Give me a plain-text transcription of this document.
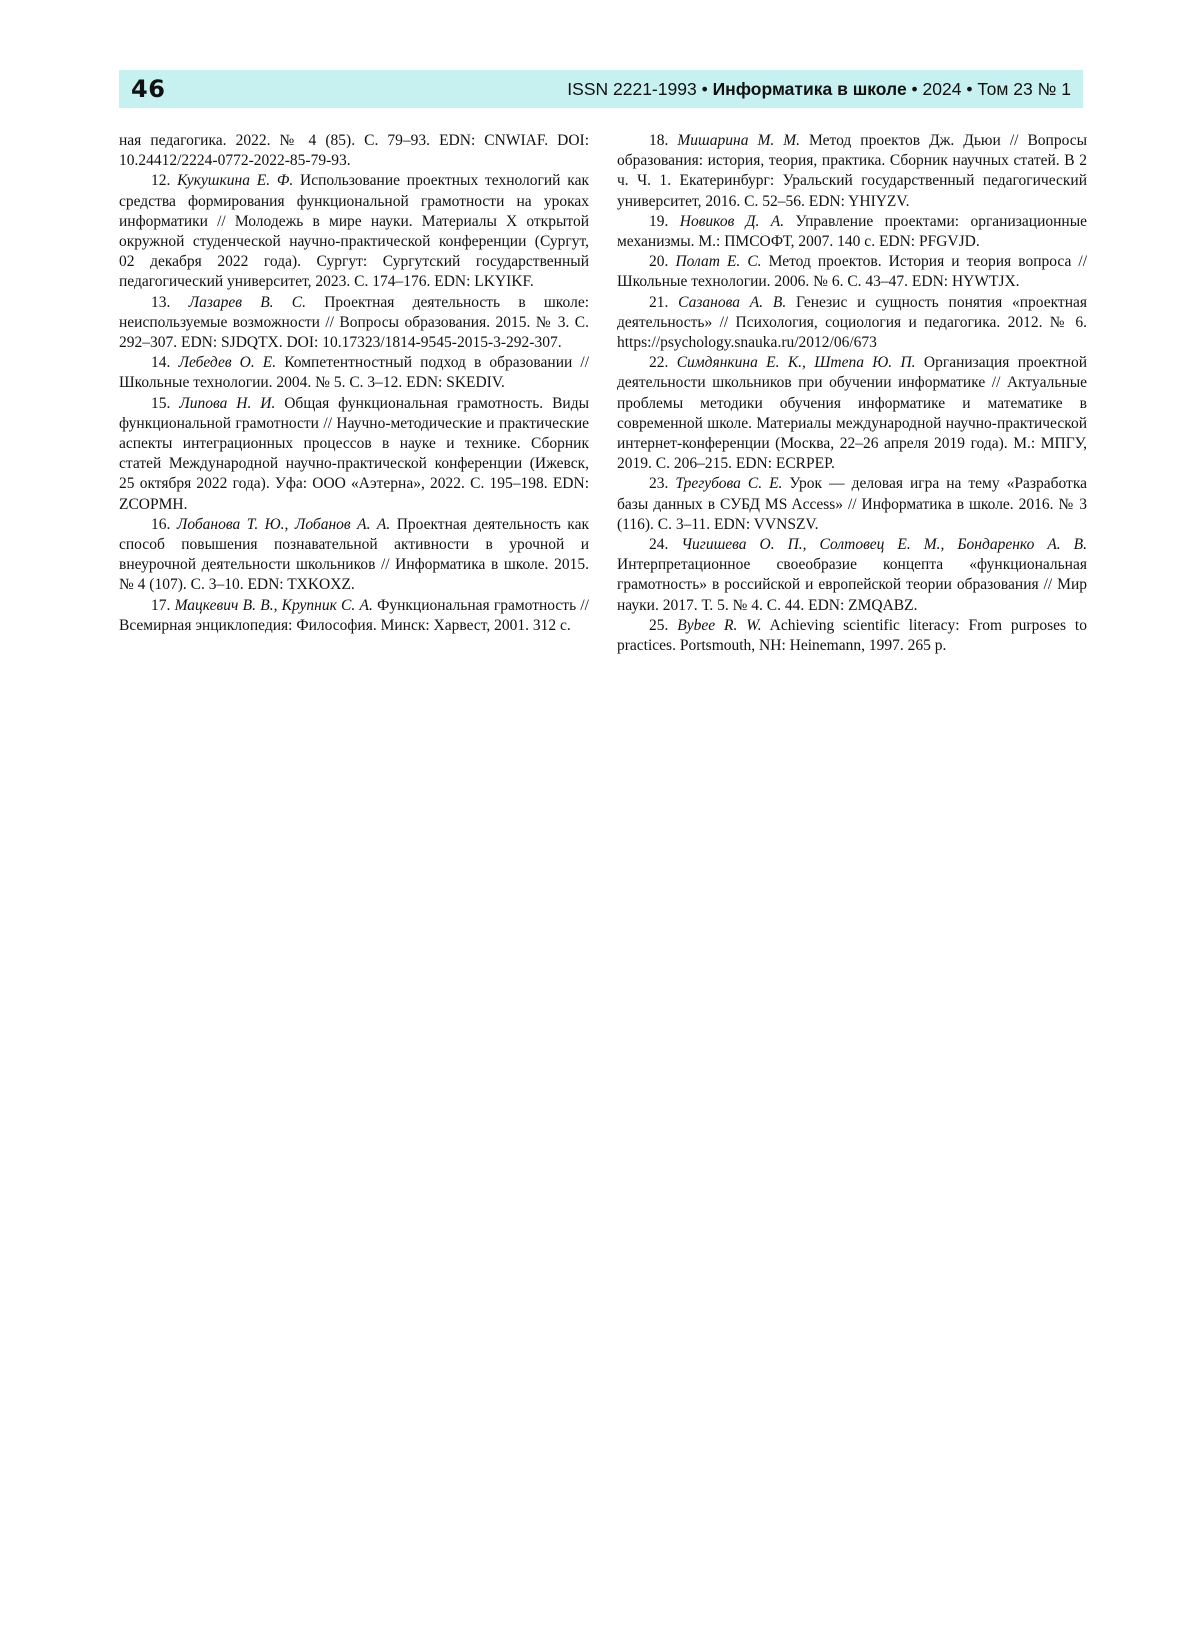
46	ISSN 2221-1993 • Информатика в школе • 2024 • Том 23 № 1

ная педагогика. 2022. № 4 (85). С. 79–93. EDN: CNWIAF. DOI: 10.24412/2224-0772-2022-85-79-93.

12. Кукушкина Е. Ф. Использование проектных технологий как средства формирования функциональной грамотности на уроках информатики // Молодежь в мире науки. Материалы X открытой окружной студенческой научно-практической конференции (Сургут, 02 декабря 2022 года). Сургут: Сургутский государственный педагогический университет, 2023. С. 174–176. EDN: LKYIKF.

13. Лазарев В. С. Проектная деятельность в школе: неиспользуемые возможности // Вопросы образования. 2015. № 3. С. 292–307. EDN: SJDQTX. DOI: 10.17323/1814-9545-2015-3-292-307.

14. Лебедев О. Е. Компетентностный подход в образовании // Школьные технологии. 2004. № 5. С. 3–12. EDN: SKEDIV.

15. Липова Н. И. Общая функциональная грамотность. Виды функциональной грамотности // Научно-методические и практические аспекты интеграционных процессов в науке и технике. Сборник статей Международной научно-практической конференции (Ижевск, 25 октября 2022 года). Уфа: ООО «Аэтерна», 2022. С. 195–198. EDN: ZCOPMH.

16. Лобанова Т. Ю., Лобанов А. А. Проектная деятельность как способ повышения познавательной активности в урочной и внеурочной деятельности школьников // Информатика в школе. 2015. № 4 (107). С. 3–10. EDN: TXKOXZ.

17. Мацкевич В. В., Крупник С. А. Функциональная грамотность // Всемирная энциклопедия: Философия. Минск: Харвест, 2001. 312 с.

18. Мишарина М. М. Метод проектов Дж. Дьюи // Вопросы образования: история, теория, практика. Сборник научных статей. В 2 ч. Ч. 1. Екатеринбург: Уральский государственный педагогический университет, 2016. С. 52–56. EDN: YHIYZV.

19. Новиков Д. А. Управление проектами: организационные механизмы. М.: ПМСОФТ, 2007. 140 с. EDN: PFGVJD.

20. Полат Е. С. Метод проектов. История и теория вопроса // Школьные технологии. 2006. № 6. С. 43–47. EDN: HYWTJX.

21. Сазанова А. В. Генезис и сущность понятия «проектная деятельность» // Психология, социология и педагогика. 2012. № 6. https://psychology.snauka.ru/2012/06/673

22. Симдянкина Е. К., Штепа Ю. П. Организация проектной деятельности школьников при обучении информатике // Актуальные проблемы методики обучения информатике и математике в современной школе. Материалы международной научно-практической интернет-конференции (Москва, 22–26 апреля 2019 года). М.: МПГУ, 2019. С. 206–215. EDN: ECRPEP.

23. Трегубова С. Е. Урок — деловая игра на тему «Разработка базы данных в СУБД MS Access» // Информатика в школе. 2016. № 3 (116). С. 3–11. EDN: VVNSZV.

24. Чигишева О. П., Солтовец Е. М., Бондаренко А. В. Интерпретационное своеобразие концепта «функциональная грамотность» в российской и европейской теории образования // Мир науки. 2017. Т. 5. № 4. С. 44. EDN: ZMQABZ.

25. Bybee R. W. Achieving scientific literacy: From purposes to practices. Portsmouth, NH: Heinemann, 1997. 265 p.
